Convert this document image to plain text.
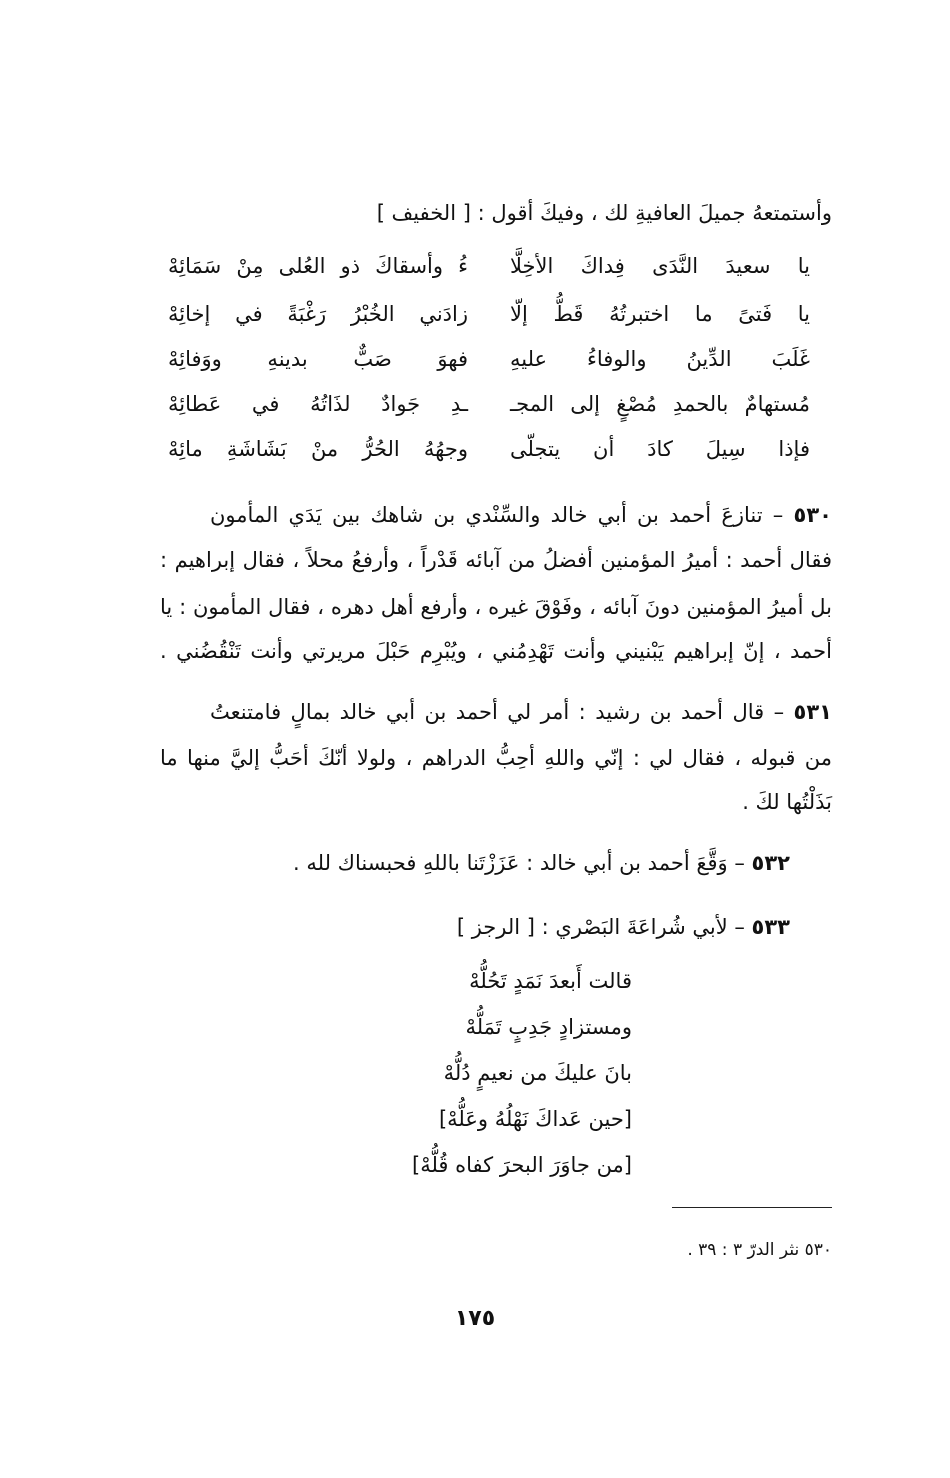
وأستمتعهُ جميلَ العافيةِ لك ، وفيكَ أقول : [ الخفيف ]
يا سعيدَ النَّدَى فِداكَ الأخِلَّا
ءُ وأسقاكَ ذو العُلى مِنْ سَمَائِهْ
يا فَتىً ما اختبرتُهُ قَطُّ إلّا
زادَني الخُبْرُ رَغْبَةً في إخائِهْ
غَلَبَ الدِّينُ والوفاءُ عليهِ
فهوَ صَبٌّ بدينهِ ووَفائِهْ
مُستهامٌ بالحمدِ مُصْغٍ إلى المجـ
ـدِ جَوادٌ لذَاتُهُ في عَطائِهْ
فإذا سِيلَ كادَ أن يتجلّى
وجهُهُ الحُرُّ منْ بَشَاشَةِ مائِهْ
٥٣٠ – تنازعَ أحمد بن أبي خالد والسِّنْدي بن شاهك بين يَدَي المأمون
فقال أحمد : أميرُ المؤمنين أفضلُ من آبائه قَدْراً ، وأرفعُ محلاً ، فقال إبراهيم :
بل أميرُ المؤمنين دونَ آبائه ، وفَوْقَ غيره ، وأرفع أهل دهره ، فقال المأمون : يا
أحمد ، إنّ إبراهيم يَبْنيني وأنت تَهْدِمُني ، ويُبْرِم حَبْلَ مريرتي وأنت تَنْقُضُني .
٥٣١ – قال أحمد بن رشيد : أمر لي أحمد بن أبي خالد بمالٍ فامتنعتُ
من قبوله ، فقال لي : إنّي واللهِ أحِبُّ الدراهم ، ولولا أنّكَ أحَبُّ إليَّ منها ما
بَذَلْتُها لكَ .
٥٣٢ – وَقَّعَ أحمد بن أبي خالد : عَزَزْتَنا باللهِ فحبسناك لله .
٥٣٣ – لأبي شُراعَةَ البَصْري : [ الرجز ]
قالت أَبعدَ نَمَدٍ تَحُلُّهْ
ومستزادٍ جَدِبٍ تَمَلُّهْ
بانَ عليكَ من نعيمٍ دُلُّهْ
[حين عَداكَ نَهْلُهُ وعَلُّهْ]
[من جاوَرَ البحرَ كفاه قُلُّهْ]
٥٣٠ نثر الدرّ ٣ : ٣٩ .
١٧٥
